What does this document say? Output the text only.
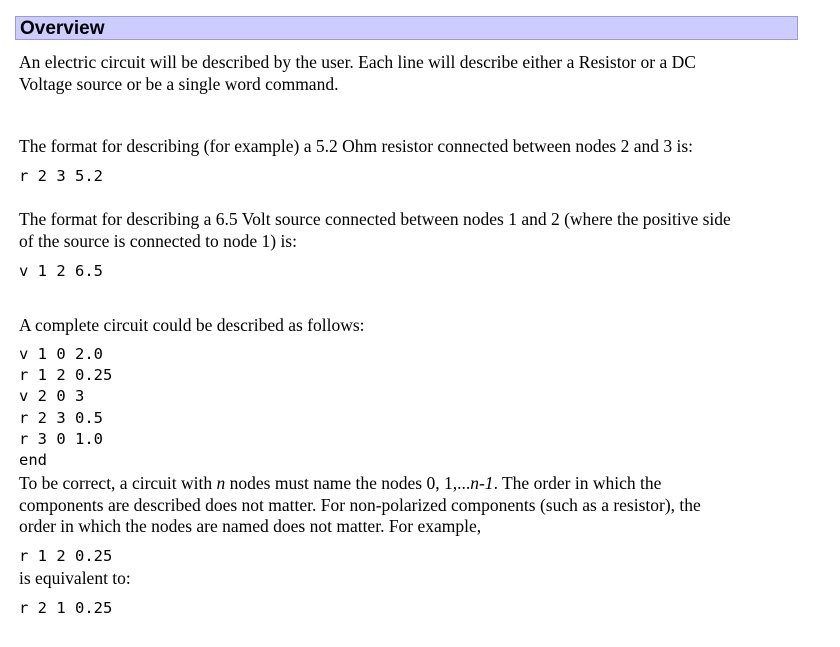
Overview

An electric circuit will be described by the user. Each line will describe either a Resistor or a DC

Voltage source or be a single word command.

The format for describing (for example) a 5.2 Ohm resistor connected between nodes 2 and 3 is:

r 2 3 5.2

The format for describing a 6.5 Volt source connected between nodes 1 and 2 (where the positive side

of the source is connected to node 1) is:

v 1 2 6.5

A complete circuit could be described as follows:

v 1 0 2.0
r 1 2 0.25
v 2 0 3
r 2 3 0.5
r 3 0 1.0
end

To be correct, a circuit with n nodes must name the nodes 0, 1,...n-1. The order in which the

components are described does not matter. For non-polarized components (such as a resistor), the

order in which the nodes are named does not matter. For example,

r 1 2 0.25

is equivalent to:

r 2 1 0.25
